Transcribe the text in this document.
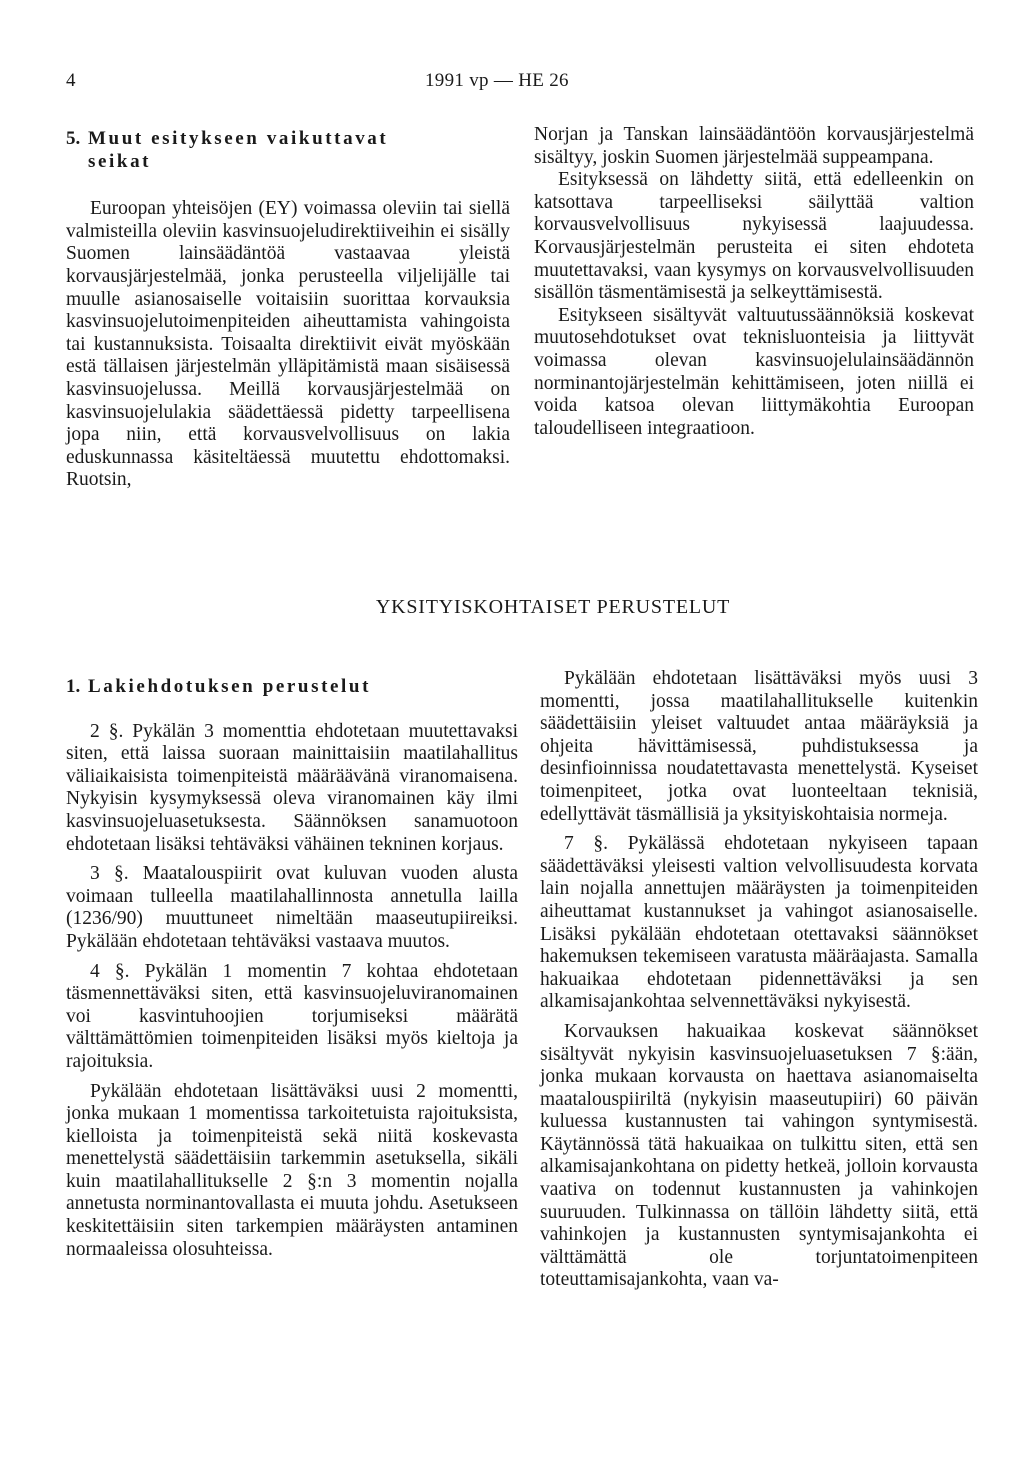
4	1991 vp — HE 26
5. Muut esitykseen vaikuttavat seikat

Euroopan yhteisöjen (EY) voimassa oleviin tai siellä valmisteilla oleviin kasvinsuojeludirektiiveihin ei sisälly Suomen lainsäädäntöä vastaavaa yleistä korvausjärjestelmää, jonka perusteella viljelijälle tai muulle asianosaiselle voitaisiin suorittaa korvauksia kasvinsuojelutoimenpiteiden aiheuttamista vahingoista tai kustannuksista. Toisaalta direktiivit eivät myöskään estä tällaisen järjestelmän ylläpitämistä maan sisäisessä kasvinsuojelussa. Meillä korvausjärjestelmää on kasvinsuojelulakia säädettäessä pidetty tarpeellisena jopa niin, että korvausvelvollisuus on lakia eduskunnassa käsiteltäessä muutettu ehdottomaksi. Ruotsin,

Norjan ja Tanskan lainsäädäntöön korvausjärjestelmä sisältyy, joskin Suomen järjestelmää suppeampana.

Esityksessä on lähdetty siitä, että edelleenkin on katsottava tarpeelliseksi säilyttää valtion korvausvelvollisuus nykyisessä laajuudessa. Korvausjärjestelmän perusteita ei siten ehdoteta muutettavaksi, vaan kysymys on korvausvelvollisuuden sisällön täsmentämisestä ja selkeyttämisestä.

Esitykseen sisältyvät valtuutussäännöksiä koskevat muutosehdotukset ovat teknisluonteisia ja liittyvät voimassa olevan kasvinsuojelulainsäädännön norminantojärjestelmän kehittämiseen, joten niillä ei voida katsoa olevan liittymäkohtia Euroopan taloudelliseen integraatioon.

YKSITYISKOHTAISET PERUSTELUT
1. Lakiehdotuksen perustelut

2 §. Pykälän 3 momenttia ehdotetaan muutettavaksi siten, että laissa suoraan mainittaisiin maatilahallitus väliaikaisista toimenpiteistä määräävänä viranomaisena. Nykyisin kysymyksessä oleva viranomainen käy ilmi kasvinsuojeluasetuksesta. Säännöksen sanamuotoon ehdotetaan lisäksi tehtäväksi vähäinen tekninen korjaus.

3 §. Maatalouspiirit ovat kuluvan vuoden alusta voimaan tulleella maatilahallinnosta annetulla lailla (1236/90) muuttuneet nimeltään maaseutupiireiksi. Pykälään ehdotetaan tehtäväksi vastaava muutos.

4 §. Pykälän 1 momentin 7 kohtaa ehdotetaan täsmennettäväksi siten, että kasvinsuojeluviranomainen voi kasvintuhoojien torjumiseksi määrätä välttämättömien toimenpiteiden lisäksi myös kieltoja ja rajoituksia.

Pykälään ehdotetaan lisättäväksi uusi 2 momentti, jonka mukaan 1 momentissa tarkoitetuista rajoituksista, kielloista ja toimenpiteistä sekä niitä koskevasta menettelystä säädettäisiin tarkemmin asetuksella, sikäli kuin maatilahallitukselle 2 §:n 3 momentin nojalla annetusta norminantovallasta ei muuta johdu. Asetukseen keskitettäisiin siten tarkempien määräysten antaminen normaaleissa olosuhteissa.

Pykälään ehdotetaan lisättäväksi myös uusi 3 momentti, jossa maatilahallitukselle kuitenkin säädettäisiin yleiset valtuudet antaa määräyksiä ja ohjeita hävittämisessä, puhdistuksessa ja desinfioinnissa noudatettavasta menettelystä. Kyseiset toimenpiteet, jotka ovat luonteeltaan teknisiä, edellyttävät täsmällisiä ja yksityiskohtaisia normeja.

7 §. Pykälässä ehdotetaan nykyiseen tapaan säädettäväksi yleisesti valtion velvollisuudesta korvata lain nojalla annettujen määräysten ja toimenpiteiden aiheuttamat kustannukset ja vahingot asianosaiselle. Lisäksi pykälään ehdotetaan otettavaksi säännökset hakemuksen tekemiseen varatusta määräajasta. Samalla hakuaikaa ehdotetaan pidennettäväksi ja sen alkamisajankohtaa selvennettäväksi nykyisestä.

Korvauksen hakuaikaa koskevat säännökset sisältyvät nykyisin kasvinsuojeluasetuksen 7 §:ään, jonka mukaan korvausta on haettava asianomaiselta maatalouspiiriltä (nykyisin maaseutupiiri) 60 päivän kuluessa kustannusten tai vahingon syntymisestä. Käytännössä tätä hakuaikaa on tulkittu siten, että sen alkamisajankohtana on pidetty hetkeä, jolloin korvausta vaativa on todennut kustannusten ja vahinkojen suuruuden. Tulkinnassa on tällöin lähdetty siitä, että vahinkojen ja kustannusten syntymisajankohta ei välttämättä ole torjuntatoimenpiteen toteuttamisajankohta, vaan va-
